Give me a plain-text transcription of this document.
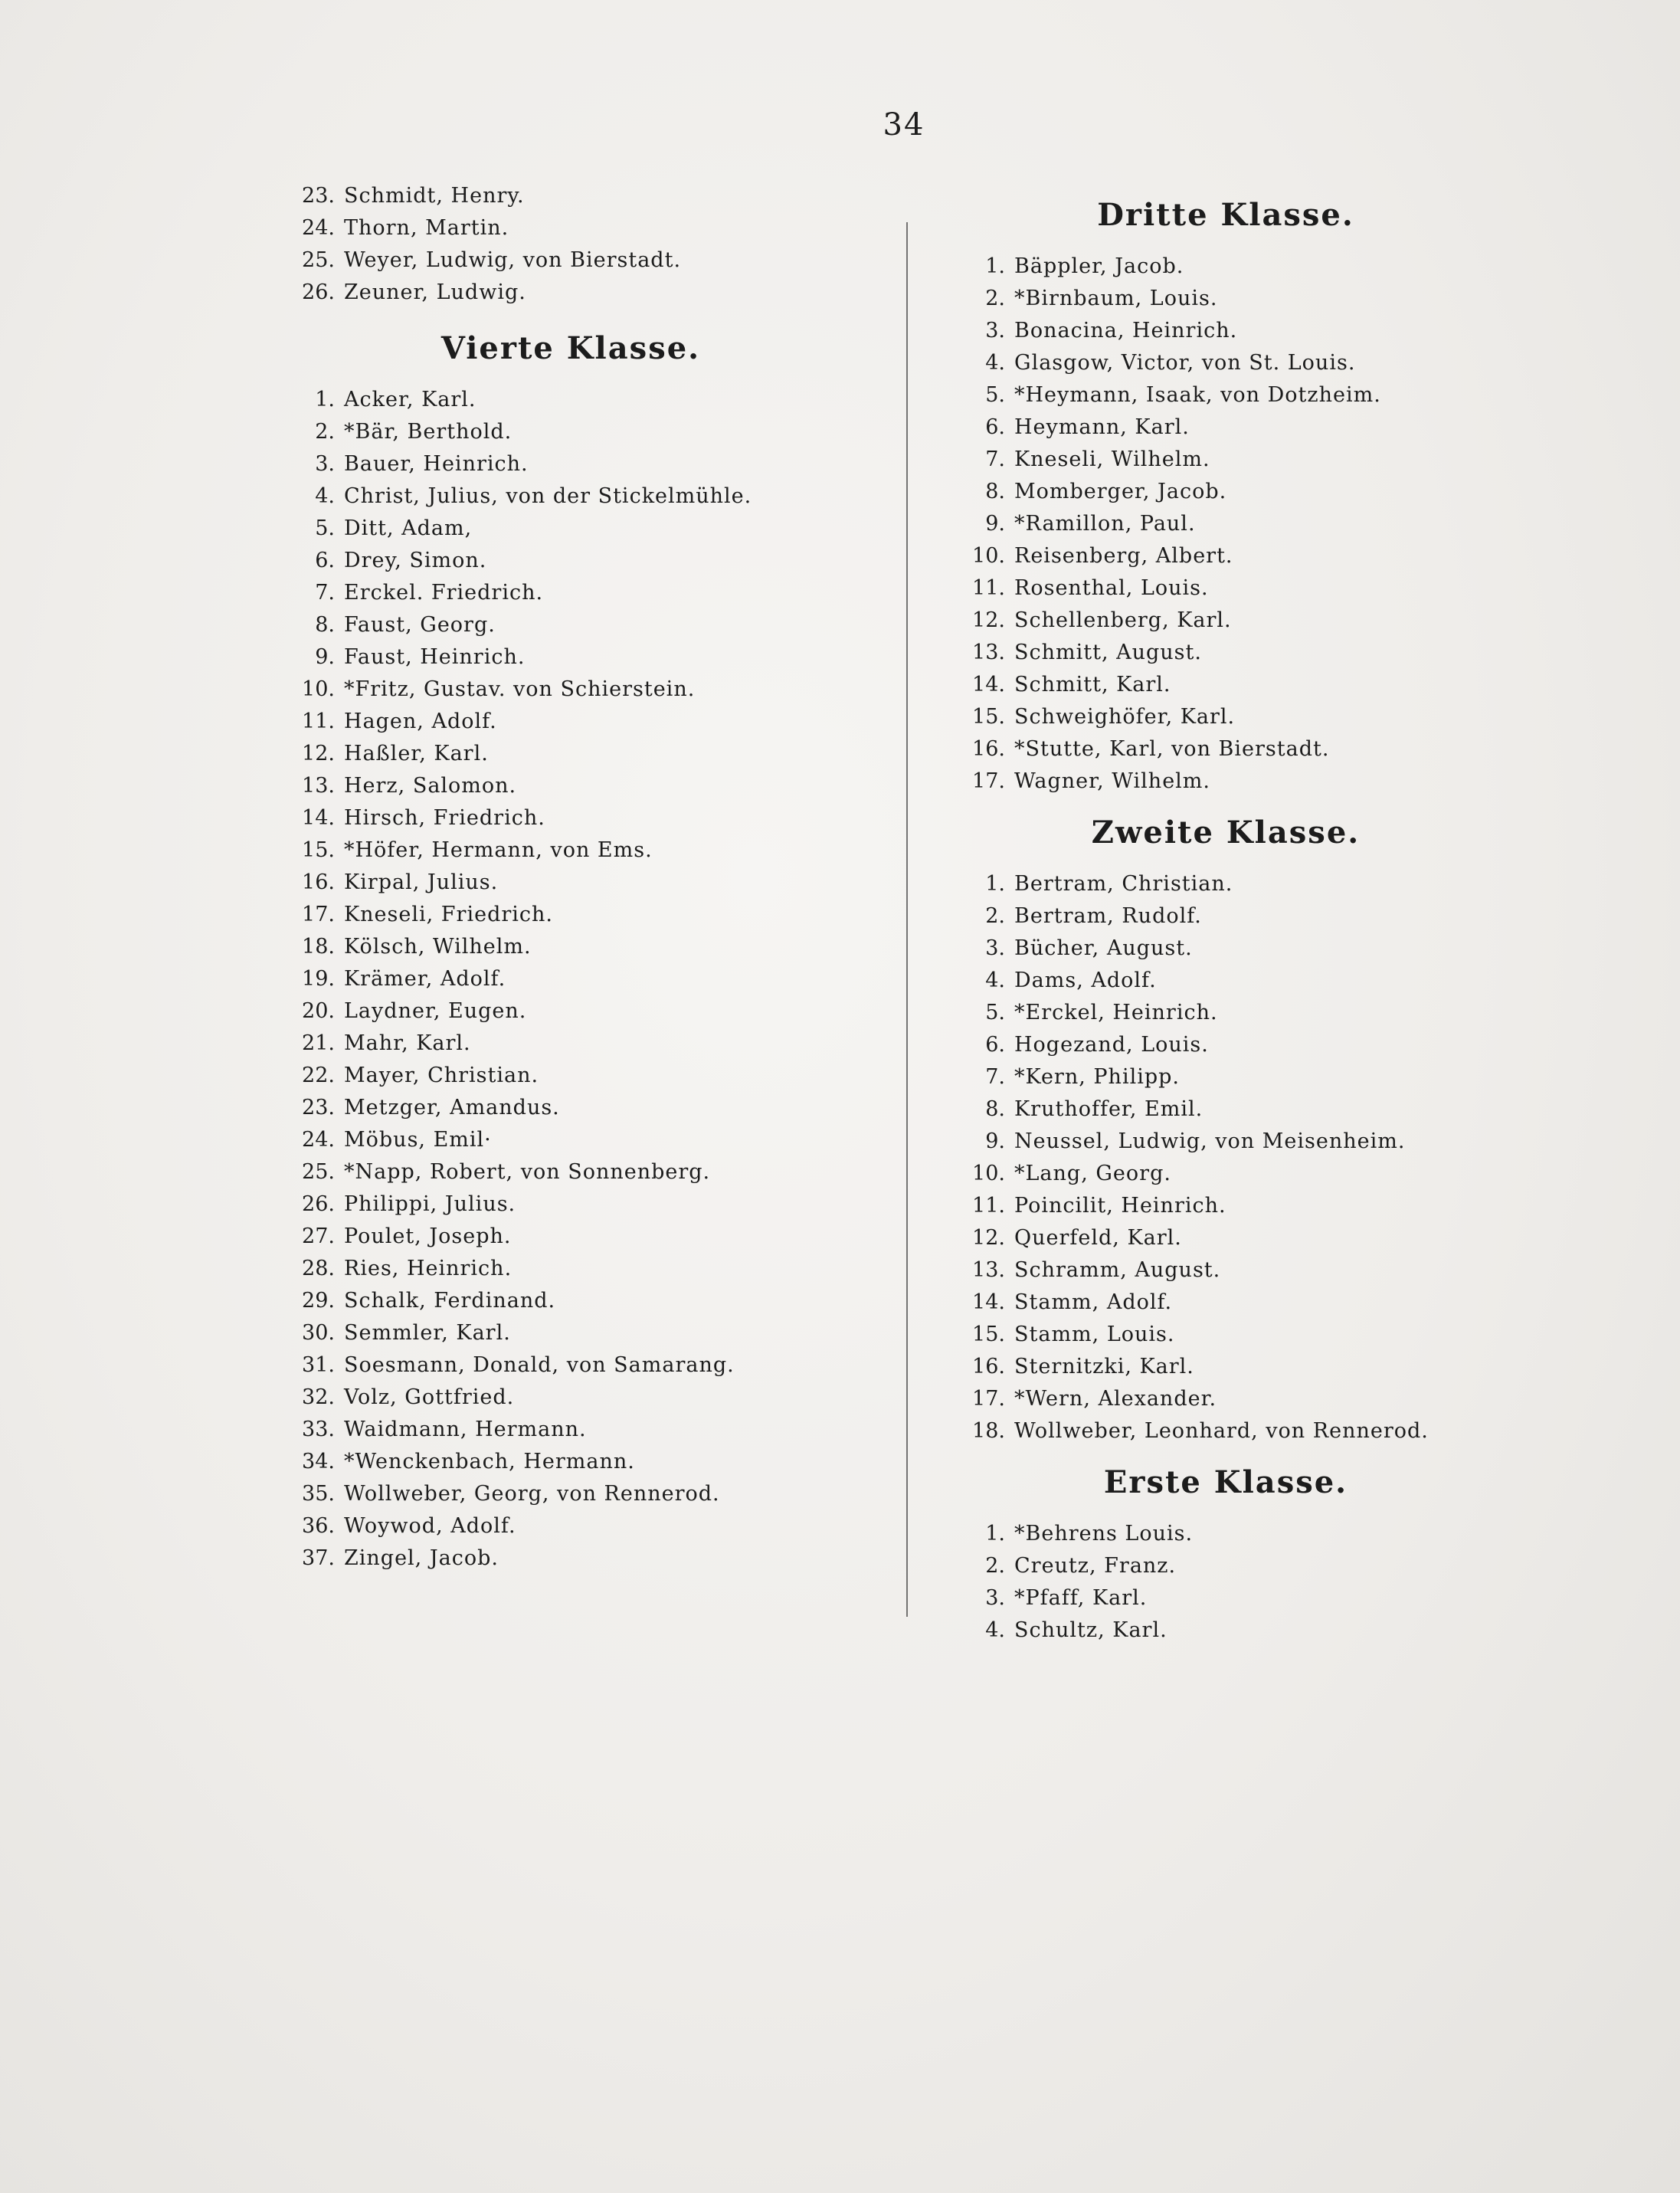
34
23. Schmidt, Henry.
24. Thorn, Martin.
25. Weyer, Ludwig, von Bierstadt.
26. Zeuner, Ludwig.
Vierte Klasse.
1. Acker, Karl.
2. *Bär, Berthold.
3. Bauer, Heinrich.
4. Christ, Julius, von der Stickelmühle.
5. Ditt, Adam,
6. Drey, Simon.
7. Erckel. Friedrich.
8. Faust, Georg.
9. Faust, Heinrich.
10. *Fritz, Gustav. von Schierstein.
11. Hagen, Adolf.
12. Haßler, Karl.
13. Herz, Salomon.
14. Hirsch, Friedrich.
15. *Höfer, Hermann, von Ems.
16. Kirpal, Julius.
17. Kneseli, Friedrich.
18. Kölsch, Wilhelm.
19. Krämer, Adolf.
20. Laydner, Eugen.
21. Mahr, Karl.
22. Mayer, Christian.
23. Metzger, Amandus.
24. Möbus, Emil·
25. *Napp, Robert, von Sonnenberg.
26. Philippi, Julius.
27. Poulet, Joseph.
28. Ries, Heinrich.
29. Schalk, Ferdinand.
30. Semmler, Karl.
31. Soesmann, Donald, von Samarang.
32. Volz, Gottfried.
33. Waidmann, Hermann.
34. *Wenckenbach, Hermann.
35. Wollweber, Georg, von Rennerod.
36. Woywod, Adolf.
37. Zingel, Jacob.
Dritte Klasse.
1. Bäppler, Jacob.
2. *Birnbaum, Louis.
3. Bonacina, Heinrich.
4. Glasgow, Victor, von St. Louis.
5. *Heymann, Isaak, von Dotzheim.
6. Heymann, Karl.
7. Kneseli, Wilhelm.
8. Momberger, Jacob.
9. *Ramillon, Paul.
10. Reisenberg, Albert.
11. Rosenthal, Louis.
12. Schellenberg, Karl.
13. Schmitt, August.
14. Schmitt, Karl.
15. Schweighöfer, Karl.
16. *Stutte, Karl, von Bierstadt.
17. Wagner, Wilhelm.
Zweite Klasse.
1. Bertram, Christian.
2. Bertram, Rudolf.
3. Bücher, August.
4. Dams, Adolf.
5. *Erckel, Heinrich.
6. Hogezand, Louis.
7. *Kern, Philipp.
8. Kruthoffer, Emil.
9. Neussel, Ludwig, von Meisenheim.
10. *Lang, Georg.
11. Poincilit, Heinrich.
12. Querfeld, Karl.
13. Schramm, August.
14. Stamm, Adolf.
15. Stamm, Louis.
16. Sternitzki, Karl.
17. *Wern, Alexander.
18. Wollweber, Leonhard, von Rennerod.
Erste Klasse.
1. *Behrens Louis.
2. Creutz, Franz.
3. *Pfaff, Karl.
4. Schultz, Karl.
